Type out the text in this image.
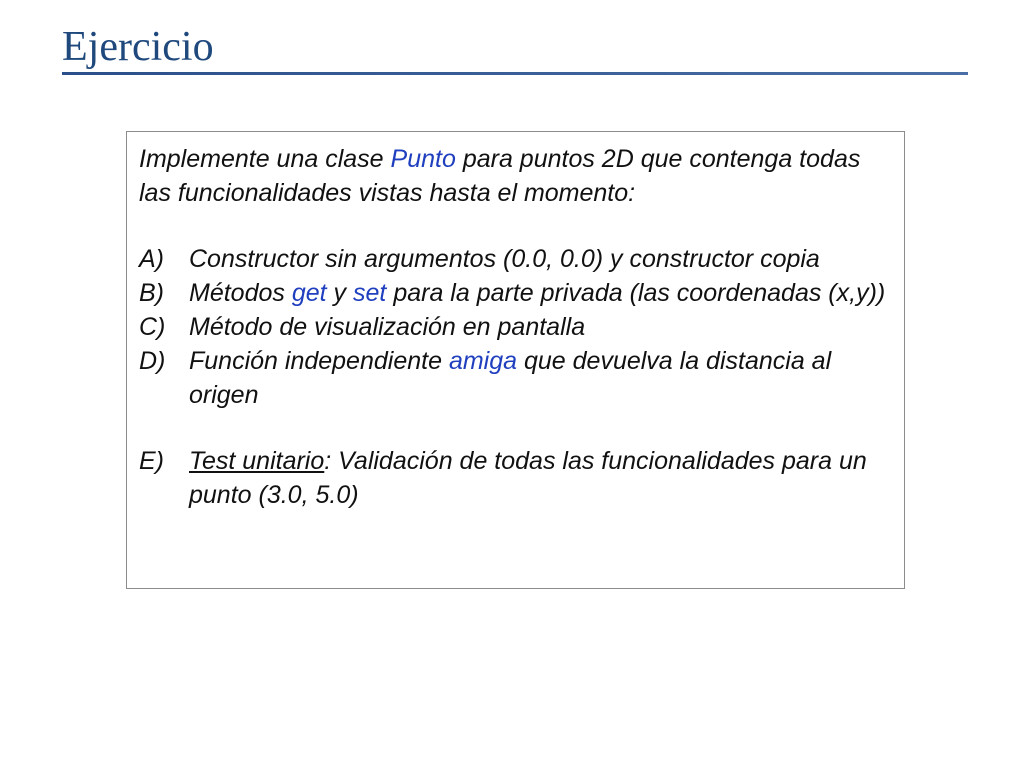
Ejercicio

Implemente una clase Punto para puntos 2D que contenga todas las funcionalidades vistas hasta el momento:

A)	Constructor sin argumentos (0.0, 0.0) y constructor copia
B)	Métodos get y set para la parte privada (las coordenadas (x,y))
C) Método de visualización en pantalla
D) Función independiente amiga que devuelva la distancia al origen
E)	Test unitario: Validación de todas las funcionalidades para un punto (3.0, 5.0)
